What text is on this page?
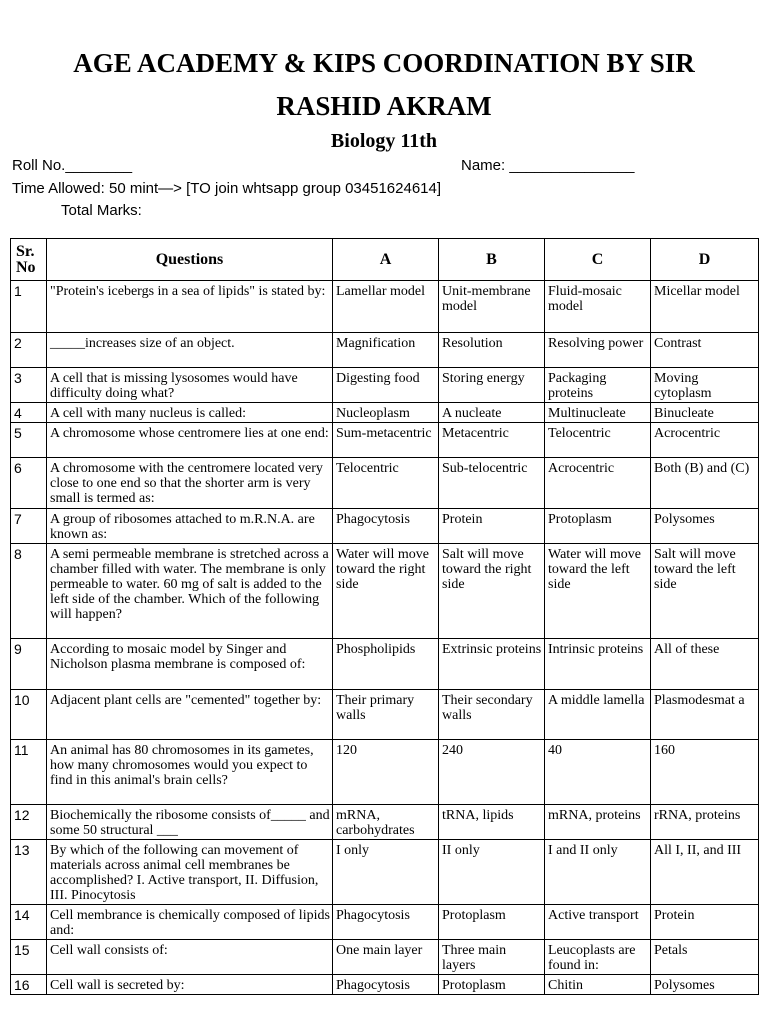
AGE ACADEMY & KIPS COORDINATION BY SIR
RASHID AKRAM
Biology 11th
Roll No.________	Name: _______________
Time Allowed: 50 mint—> [TO join whtsapp group 03451624614]
Total Marks:
Sr. No	Questions	A	B	C	D
1	"Protein's icebergs in a sea of lipids" is stated by:	Lamellar model	Unit-membrane model	Fluid-mosaic model	Micellar model
2	_____increases size of an object.	Magnification	Resolution	Resolving power	Contrast
3	A cell that is missing lysosomes would have difficulty doing what?	Digesting food	Storing energy	Packaging proteins	Moving cytoplasm
4	A cell with many nucleus is called:	Nucleoplasm	A nucleate	Multinucleate	Binucleate
5	A chromosome whose centromere lies at one end:	Sum-metacentric	Metacentric	Telocentric	Acrocentric
6	A chromosome with the centromere located very close to one end so that the shorter arm is very small is termed as:	Telocentric	Sub-telocentric	Acrocentric	Both (B) and (C)
7	A group of ribosomes attached to m.R.N.A. are known as:	Phagocytosis	Protein	Protoplasm	Polysomes
8	A semi permeable membrane is stretched across a chamber filled with water. The membrane is only permeable to water. 60 mg of salt is added to the left side of the chamber. Which of the following will happen?	Water will move toward the right side	Salt will move toward the right side	Water will move toward the left side	Salt will move toward the left side
9	According to mosaic model by Singer and Nicholson plasma membrane is composed of:	Phospholipids	Extrinsic proteins	Intrinsic proteins	All of these
10	Adjacent plant cells are "cemented" together by:	Their primary walls	Their secondary walls	A middle lamella	Plasmodesmat a
11	An animal has 80 chromosomes in its gametes, how many chromosomes would you expect to find in this animal's brain cells?	120	240	40	160
12	Biochemically the ribosome consists of_____ and some 50 structural ___	mRNA, carbohydrates	tRNA, lipids	mRNA, proteins	rRNA, proteins
13	By which of the following can movement of materials across animal cell membranes be accomplished? I. Active transport, II. Diffusion, III. Pinocytosis	I only	II only	I and II only	All I, II, and III
14	Cell membrance is chemically composed of lipids and:	Phagocytosis	Protoplasm	Active transport	Protein
15	Cell wall consists of:	One main layer	Three main layers	Leucoplasts are found in:	Petals
16	Cell wall is secreted by:	Phagocytosis	Protoplasm	Chitin	Polysomes
